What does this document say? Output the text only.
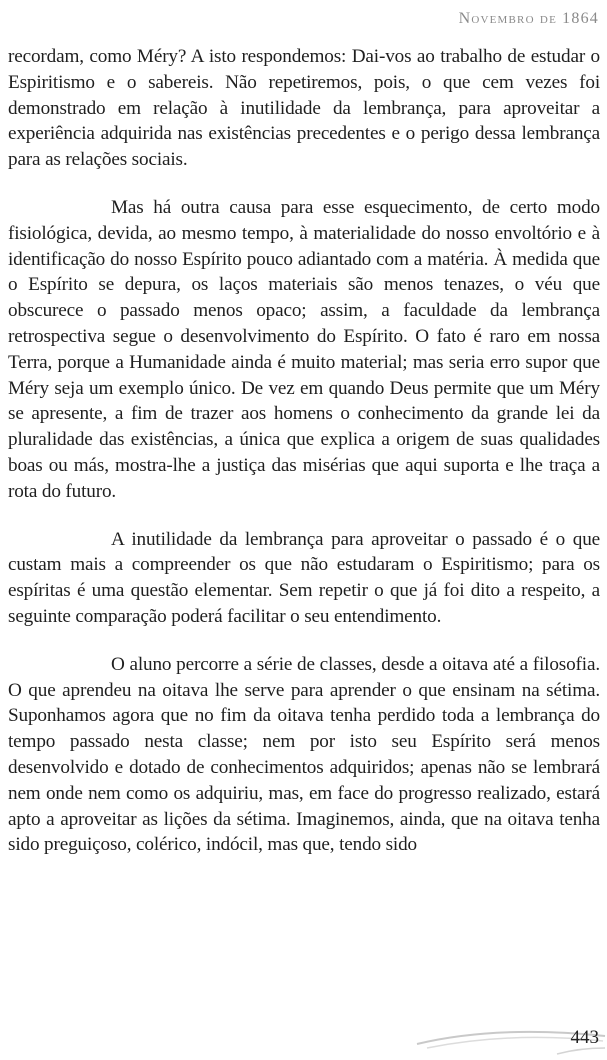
Novembro de 1864

recordam, como Méry? A isto respondemos: Dai-vos ao trabalho de estudar o Espiritismo e o sabereis. Não repetiremos, pois, o que cem vezes foi demonstrado em relação à inutilidade da lembrança, para aproveitar a experiência adquirida nas existências precedentes e o perigo dessa lembrança para as relações sociais.

Mas há outra causa para esse esquecimento, de certo modo fisiológica, devida, ao mesmo tempo, à materialidade do nosso envoltório e à identificação do nosso Espírito pouco adiantado com a matéria. À medida que o Espírito se depura, os laços materiais são menos tenazes, o véu que obscurece o passado menos opaco; assim, a faculdade da lembrança retrospectiva segue o desenvolvimento do Espírito. O fato é raro em nossa Terra, porque a Humanidade ainda é muito material; mas seria erro supor que Méry seja um exemplo único. De vez em quando Deus permite que um Méry se apresente, a fim de trazer aos homens o conhecimento da grande lei da pluralidade das existências, a única que explica a origem de suas qualidades boas ou más, mostra-lhe a justiça das misérias que aqui suporta e lhe traça a rota do futuro.

A inutilidade da lembrança para aproveitar o passado é o que custam mais a compreender os que não estudaram o Espiritismo; para os espíritas é uma questão elementar. Sem repetir o que já foi dito a respeito, a seguinte comparação poderá facilitar o seu entendimento.

O aluno percorre a série de classes, desde a oitava até a filosofia. O que aprendeu na oitava lhe serve para aprender o que ensinam na sétima. Suponhamos agora que no fim da oitava tenha perdido toda a lembrança do tempo passado nesta classe; nem por isto seu Espírito será menos desenvolvido e dotado de conhecimentos adquiridos; apenas não se lembrará nem onde nem como os adquiriu, mas, em face do progresso realizado, estará apto a aproveitar as lições da sétima. Imaginemos, ainda, que na oitava tenha sido preguiçoso, colérico, indócil, mas que, tendo sido

443
